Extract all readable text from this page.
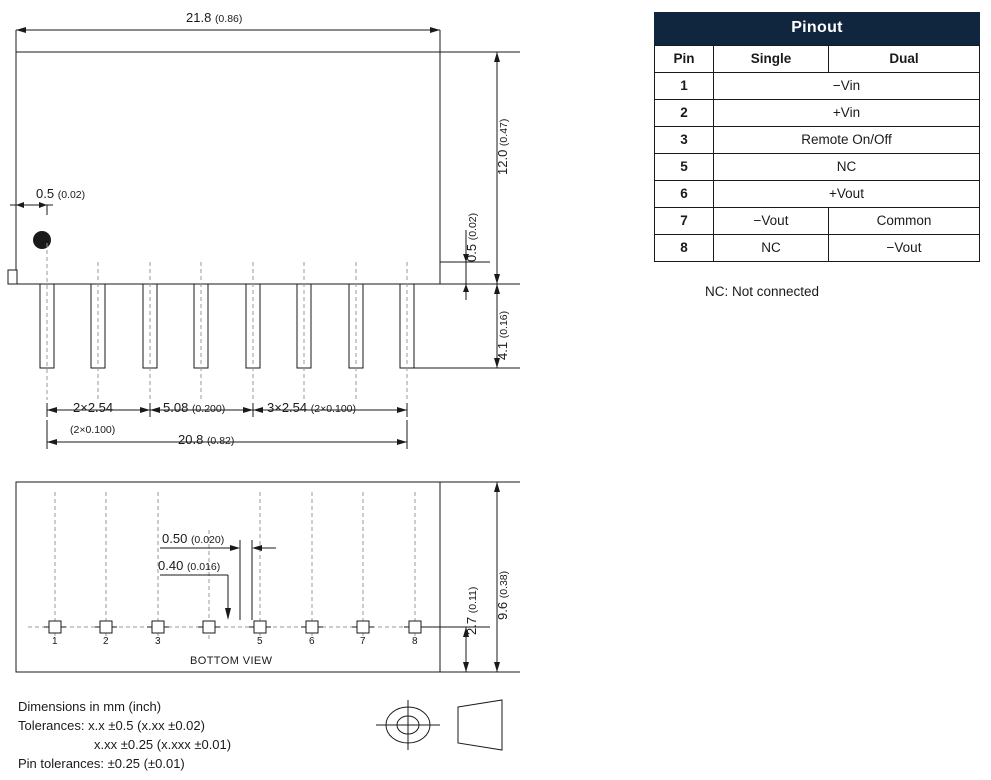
Pinout
Pin	Single	Dual
1	−Vin	
2	+Vin	
3	Remote On/Off	
5	NC	
6	+Vout	
7	−Vout	Common
8	NC	−Vout
NC: Not connected
21.8 (0.86)
0.5 (0.02)
12.0 (0.47)
0.5 (0.02)
4.1 (0.16)
2×2.54
(2×0.100)
5.08 (0.200)	3×2.54 (2×0.100)
20.8 (0.82)
0.50 (0.020)
0.40 (0.016)
2.7 (0.11) 9.6 (0.38)
BOTTOM VIEW
1	2	3	5	6	7	8
Dimensions in mm (inch)
Tolerances: x.x ±0.5 (x.xx ±0.02)
x.xx ±0.25 (x.xxx ±0.01)
Pin tolerances: ±0.25 (±0.01)
